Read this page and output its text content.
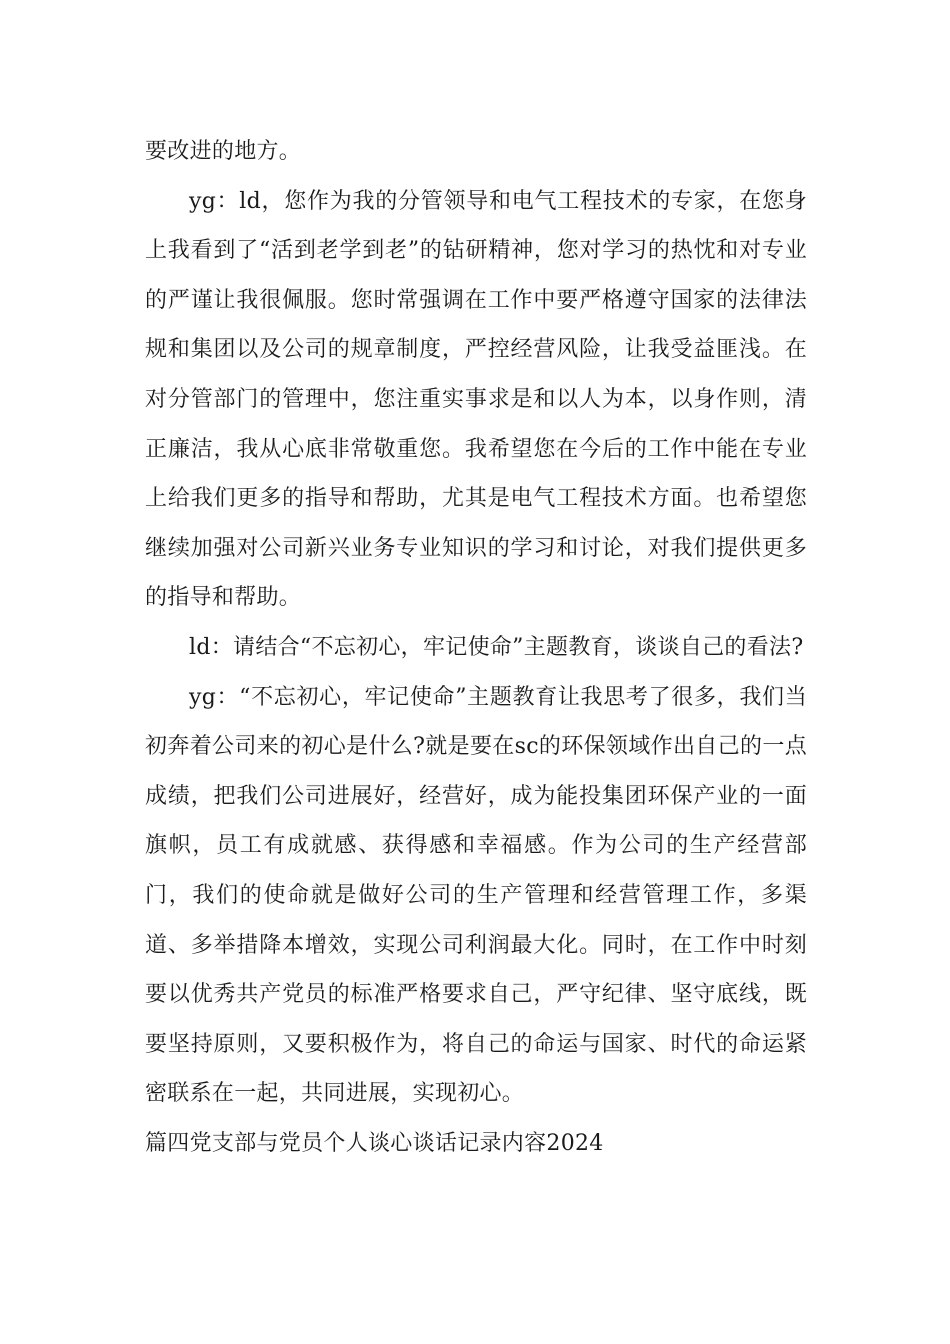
要改进的地方。

yg：ld，您作为我的分管领导和电气工程技术的专家，在您身上我看到了“活到老学到老”的钻研精神，您对学习的热忱和对专业的严谨让我很佩服。您时常强调在工作中要严格遵守国家的法律法规和集团以及公司的规章制度，严控经营风险，让我受益匪浅。在对分管部门的管理中，您注重实事求是和以人为本，以身作则，清正廉洁，我从心底非常敬重您。我希望您在今后的工作中能在专业上给我们更多的指导和帮助，尤其是电气工程技术方面。也希望您继续加强对公司新兴业务专业知识的学习和讨论，对我们提供更多的指导和帮助。

ld：请结合“不忘初心，牢记使命”主题教育，谈谈自己的看法?

yg：“不忘初心，牢记使命”主题教育让我思考了很多，我们当初奔着公司来的初心是什么?就是要在sc的环保领域作出自己的一点成绩，把我们公司进展好，经营好，成为能投集团环保产业的一面旗帜，员工有成就感、获得感和幸福感。作为公司的生产经营部门，我们的使命就是做好公司的生产管理和经营管理工作，多渠道、多举措降本增效，实现公司利润最大化。同时，在工作中时刻要以优秀共产党员的标准严格要求自己，严守纪律、坚守底线，既要坚持原则，又要积极作为，将自己的命运与国家、时代的命运紧密联系在一起，共同进展，实现初心。

篇四党支部与党员个人谈心谈话记录内容2024
